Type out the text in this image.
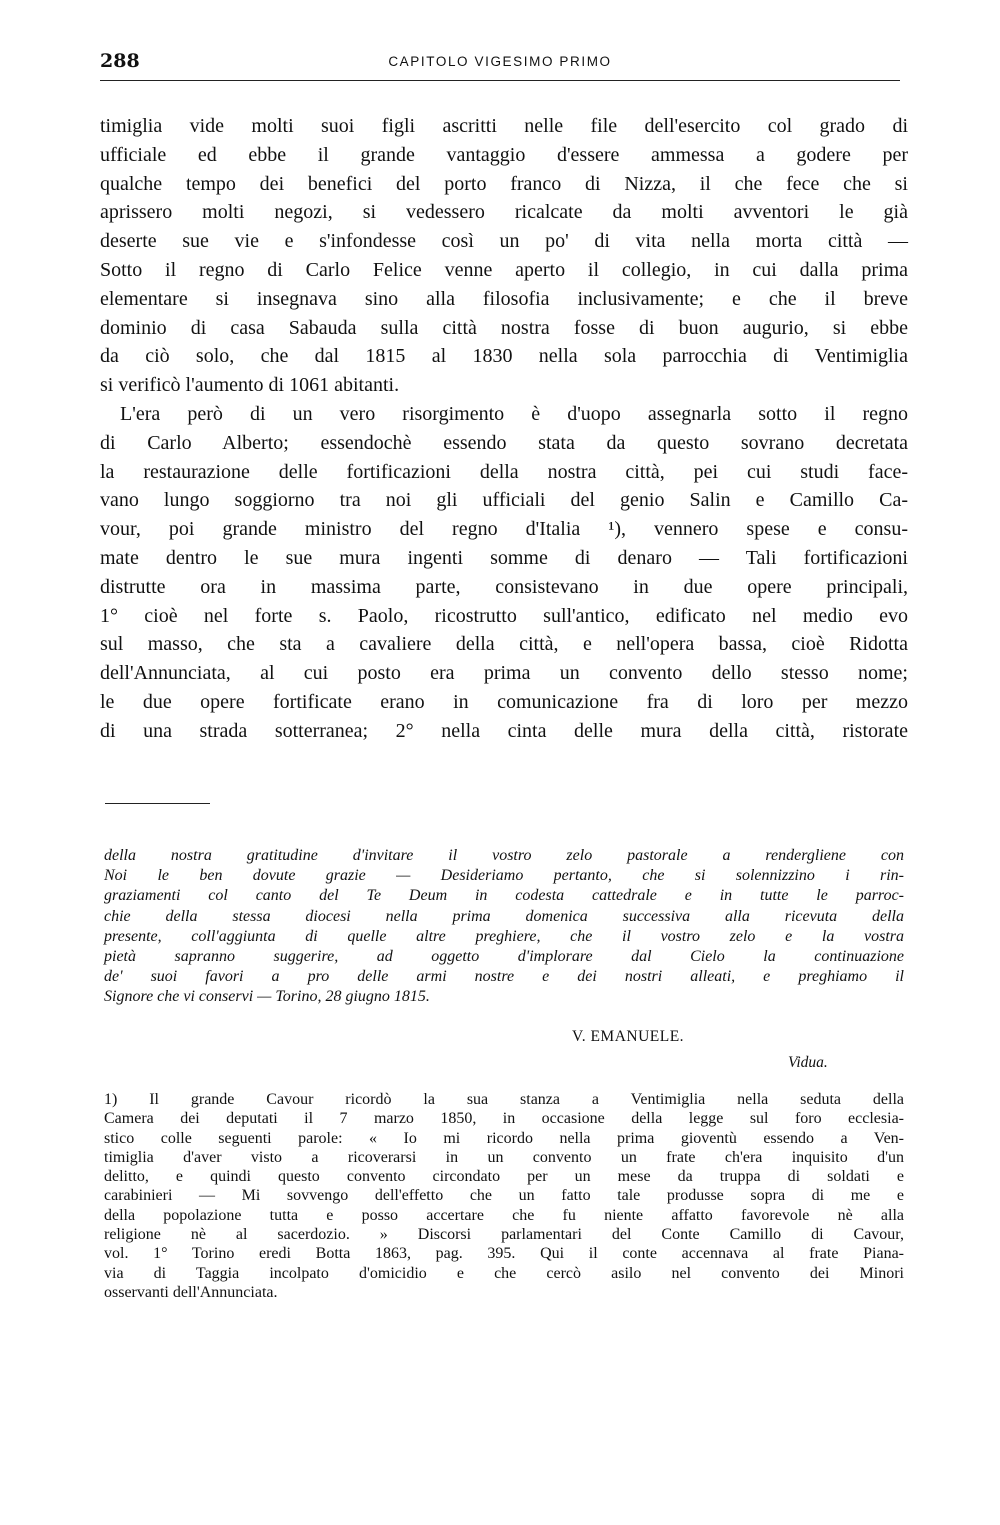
288	CAPITOLO VIGESIMO PRIMO
timiglia vide molti suoi figli ascritti nelle file dell'esercito col grado di
ufficiale ed ebbe il grande vantaggio d'essere ammessa a godere per
qualche tempo dei benefici del porto franco di Nizza, il che fece che si
aprissero molti negozi, si vedessero ricalcate da molti avventori le già
deserte sue vie e s'infondesse così un po' di vita nella morta città —
Sotto il regno di Carlo Felice venne aperto il collegio, in cui dalla prima
elementare si insegnava sino alla filosofia inclusivamente; e che il breve
dominio di casa Sabauda sulla città nostra fosse di buon augurio, si ebbe
da ciò solo, che dal 1815 al 1830 nella sola parrocchia di Ventimiglia
si verificò l'aumento di 1061 abitanti.
L'era però di un vero risorgimento è d'uopo assegnarla sotto il regno
di Carlo Alberto; essendochè essendo stata da questo sovrano decretata
la restaurazione delle fortificazioni della nostra città, pei cui studi face-
vano lungo soggiorno tra noi gli ufficiali del genio Salin e Camillo Ca-
vour, poi grande ministro del regno d'Italia ¹), vennero spese e consu-
mate dentro le sue mura ingenti somme di denaro — Tali fortificazioni
distrutte ora in massima parte, consistevano in due opere principali,
1° cioè nel forte s. Paolo, ricostrutto sull'antico, edificato nel medio evo
sul masso, che sta a cavaliere della città, e nell'opera bassa, cioè Ridotta
dell'Annunciata, al cui posto era prima un convento dello stesso nome;
le due opere fortificate erano in comunicazione fra di loro per mezzo
di una strada sotterranea; 2° nella cinta delle mura della città, ristorate
della nostra gratitudine d'invitare il vostro zelo pastorale a rendergliene con
Noi le ben dovute grazie — Desideriamo pertanto, che si solennizzino i rin-
graziamenti col canto del Te Deum in codesta cattedrale e in tutte le parroc-
chie della stessa diocesi nella prima domenica successiva alla ricevuta della
presente, coll'aggiunta di quelle altre preghiere, che il vostro zelo e la vostra
pietà sapranno suggerire, ad oggetto d'implorare dal Cielo la continuazione
de' suoi favori a pro delle armi nostre e dei nostri alleati, e preghiamo il
Signore che vi conservi — Torino, 28 giugno 1815.
V. EMANUELE.
Vidua.
1) Il grande Cavour ricordò la sua stanza a Ventimiglia nella seduta della
Camera dei deputati il 7 marzo 1850, in occasione della legge sul foro ecclesia-
stico colle seguenti parole: « Io mi ricordo nella prima gioventù essendo a Ven-
timiglia d'aver visto a ricoverarsi in un convento un frate ch'era inquisito d'un
delitto, e quindi questo convento circondato per un mese da truppa di soldati e
carabinieri — Mi sovvengo dell'effetto che un fatto tale produsse sopra di me e
della popolazione tutta e posso accertare che fu niente affatto favorevole nè alla
religione nè al sacerdozio. » Discorsi parlamentari del Conte Camillo di Cavour,
vol. 1° Torino eredi Botta 1863, pag. 395. Qui il conte accennava al frate Piana-
via di Taggia incolpato d'omicidio e che cercò asilo nel convento dei Minori
osservanti dell'Annunciata.
